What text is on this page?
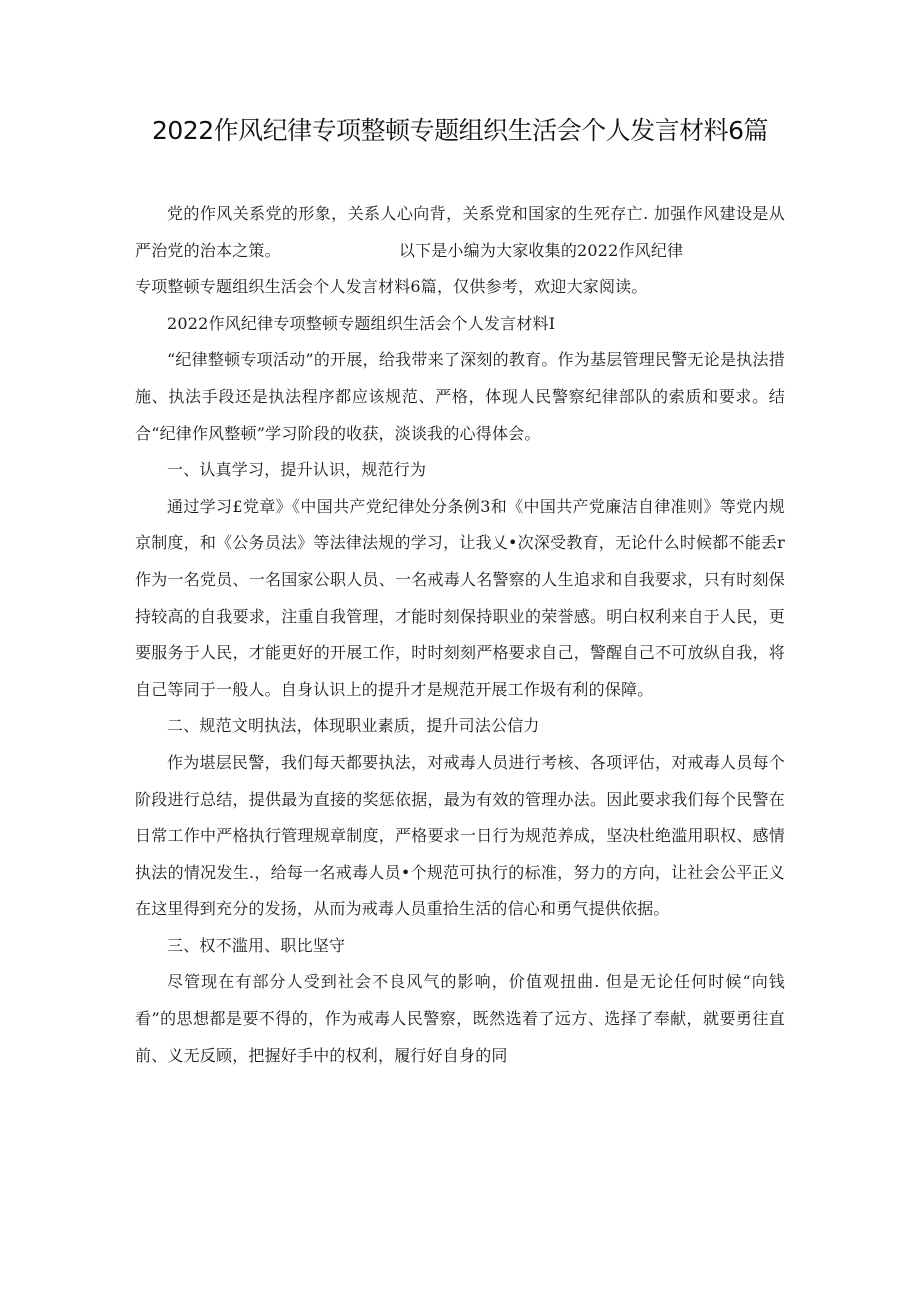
2022作风纪律专项整顿专题组织生活会个人发言材料6篇

党的作风关系党的形象，关系人心向背，关系党和国家的生死存亡. 加强作风建设是从严治党的治本之策。	以下是小编为大家收集的2022作风纪律

专项整顿专题组织生活会个人发言材料6篇，仅供参考，欢迎大家阅读。

2022作风纪律专项整顿专题组织生活会个人发言材料I

“纪律整顿专项活动”的开展，给我带来了深刻的教育。作为基层管理民警无论是执法措施、执法手段还是执法程序都应该规范、严格，体现人民警察纪律部队的索质和要求。结合“纪律作风整顿”学习阶段的收获，淡谈我的心得体会。

一、认真学习，提升认识，规范行为

通过学习£党章》《中国共产党纪律处分条例3和《中国共产党廉洁自律准则》等党内规京制度，和《公务员法》等法律法规的学习，让我乂•次深受教育，无论什么时候都不能丢r作为一名党员、一名国家公职人员、一名戒毒人名警察的人生追求和自我要求，只有时刻保持较高的自我要求，注重自我管理，才能时刻保持职业的荣誉感。明白权利来自于人民，更要服务于人民，才能更好的开展工作，时时刻刻严格要求自己，警醒自己不可放纵自我，将自己等同于一般人。自身认识上的提升才是规范开展工作圾有利的保障。

二、规范文明执法，体现职业素质，提升司法公信力

作为堪层民警，我们每天都要执法，对戒毒人员进行考核、各项评估，对戒毒人员每个阶段进行总结，提供最为直接的奖惩依据，最为有效的管理办法。因此要求我们每个民警在日常工作中严格执行管理规章制度，严格要求一日行为规范养成，坚决杜绝滥用职权、感情执法的情况发生.，给每一名戒毒人员•个规范可执行的标准，努力的方向，让社会公平正义在这里得到充分的发扬，从而为戒毒人员重拾生活的信心和勇气提供依据。

三、权不滥用、职比坚守

尽管现在有部分人受到社会不良风气的影响，价值观扭曲. 但是无论任何时候“向钱看”的思想都是要不得的，作为戒毒人民警察，既然选着了远方、选择了奉献，就要勇往直前、义无反顾，把握好手中的权利，履行好自身的同
